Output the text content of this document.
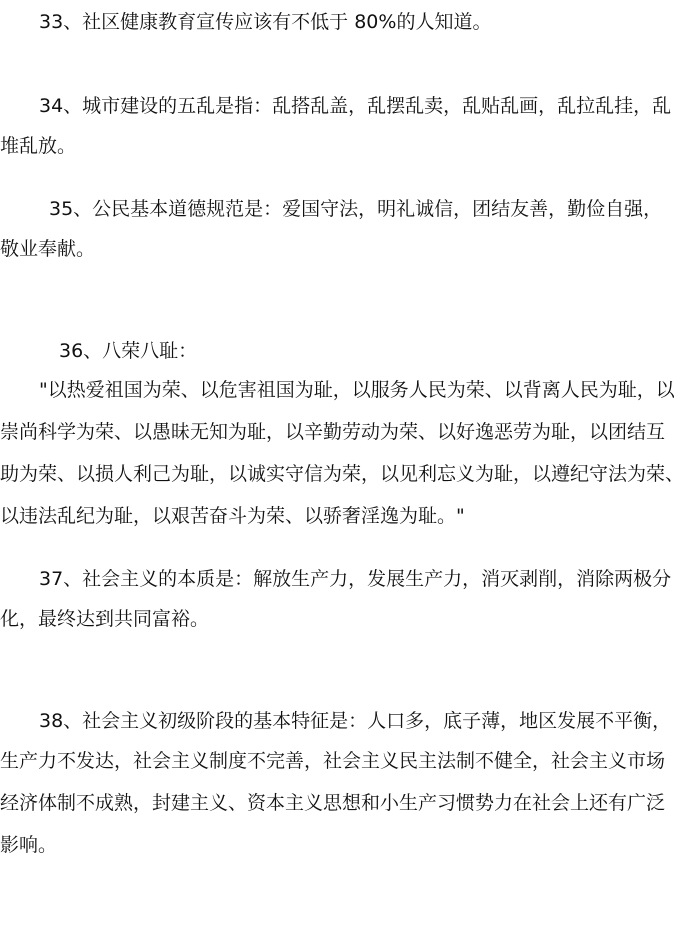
33、社区健康教育宣传应该有不低于 80%的人知道。

34、城市建设的五乱是指：乱搭乱盖，乱摆乱卖，乱贴乱画，乱拉乱挂，乱

堆乱放。

35、公民基本道德规范是：爱国守法，明礼诚信，团结友善，勤俭自强，

敬业奉献。

36、八荣八耻：

"以热爱祖国为荣、以危害祖国为耻，以服务人民为荣、以背离人民为耻，以

崇尚科学为荣、以愚昧无知为耻，以辛勤劳动为荣、以好逸恶劳为耻，以团结互

助为荣、以损人利己为耻，以诚实守信为荣，以见利忘义为耻，以遵纪守法为荣、

以违法乱纪为耻，以艰苦奋斗为荣、以骄奢淫逸为耻。"

37、社会主义的本质是：解放生产力，发展生产力，消灭剥削，消除两极分

化，最终达到共同富裕。

38、社会主义初级阶段的基本特征是：人口多，底子薄，地区发展不平衡，

生产力不发达，社会主义制度不完善，社会主义民主法制不健全，社会主义市场

经济体制不成熟，封建主义、资本主义思想和小生产习惯势力在社会上还有广泛

影响。
